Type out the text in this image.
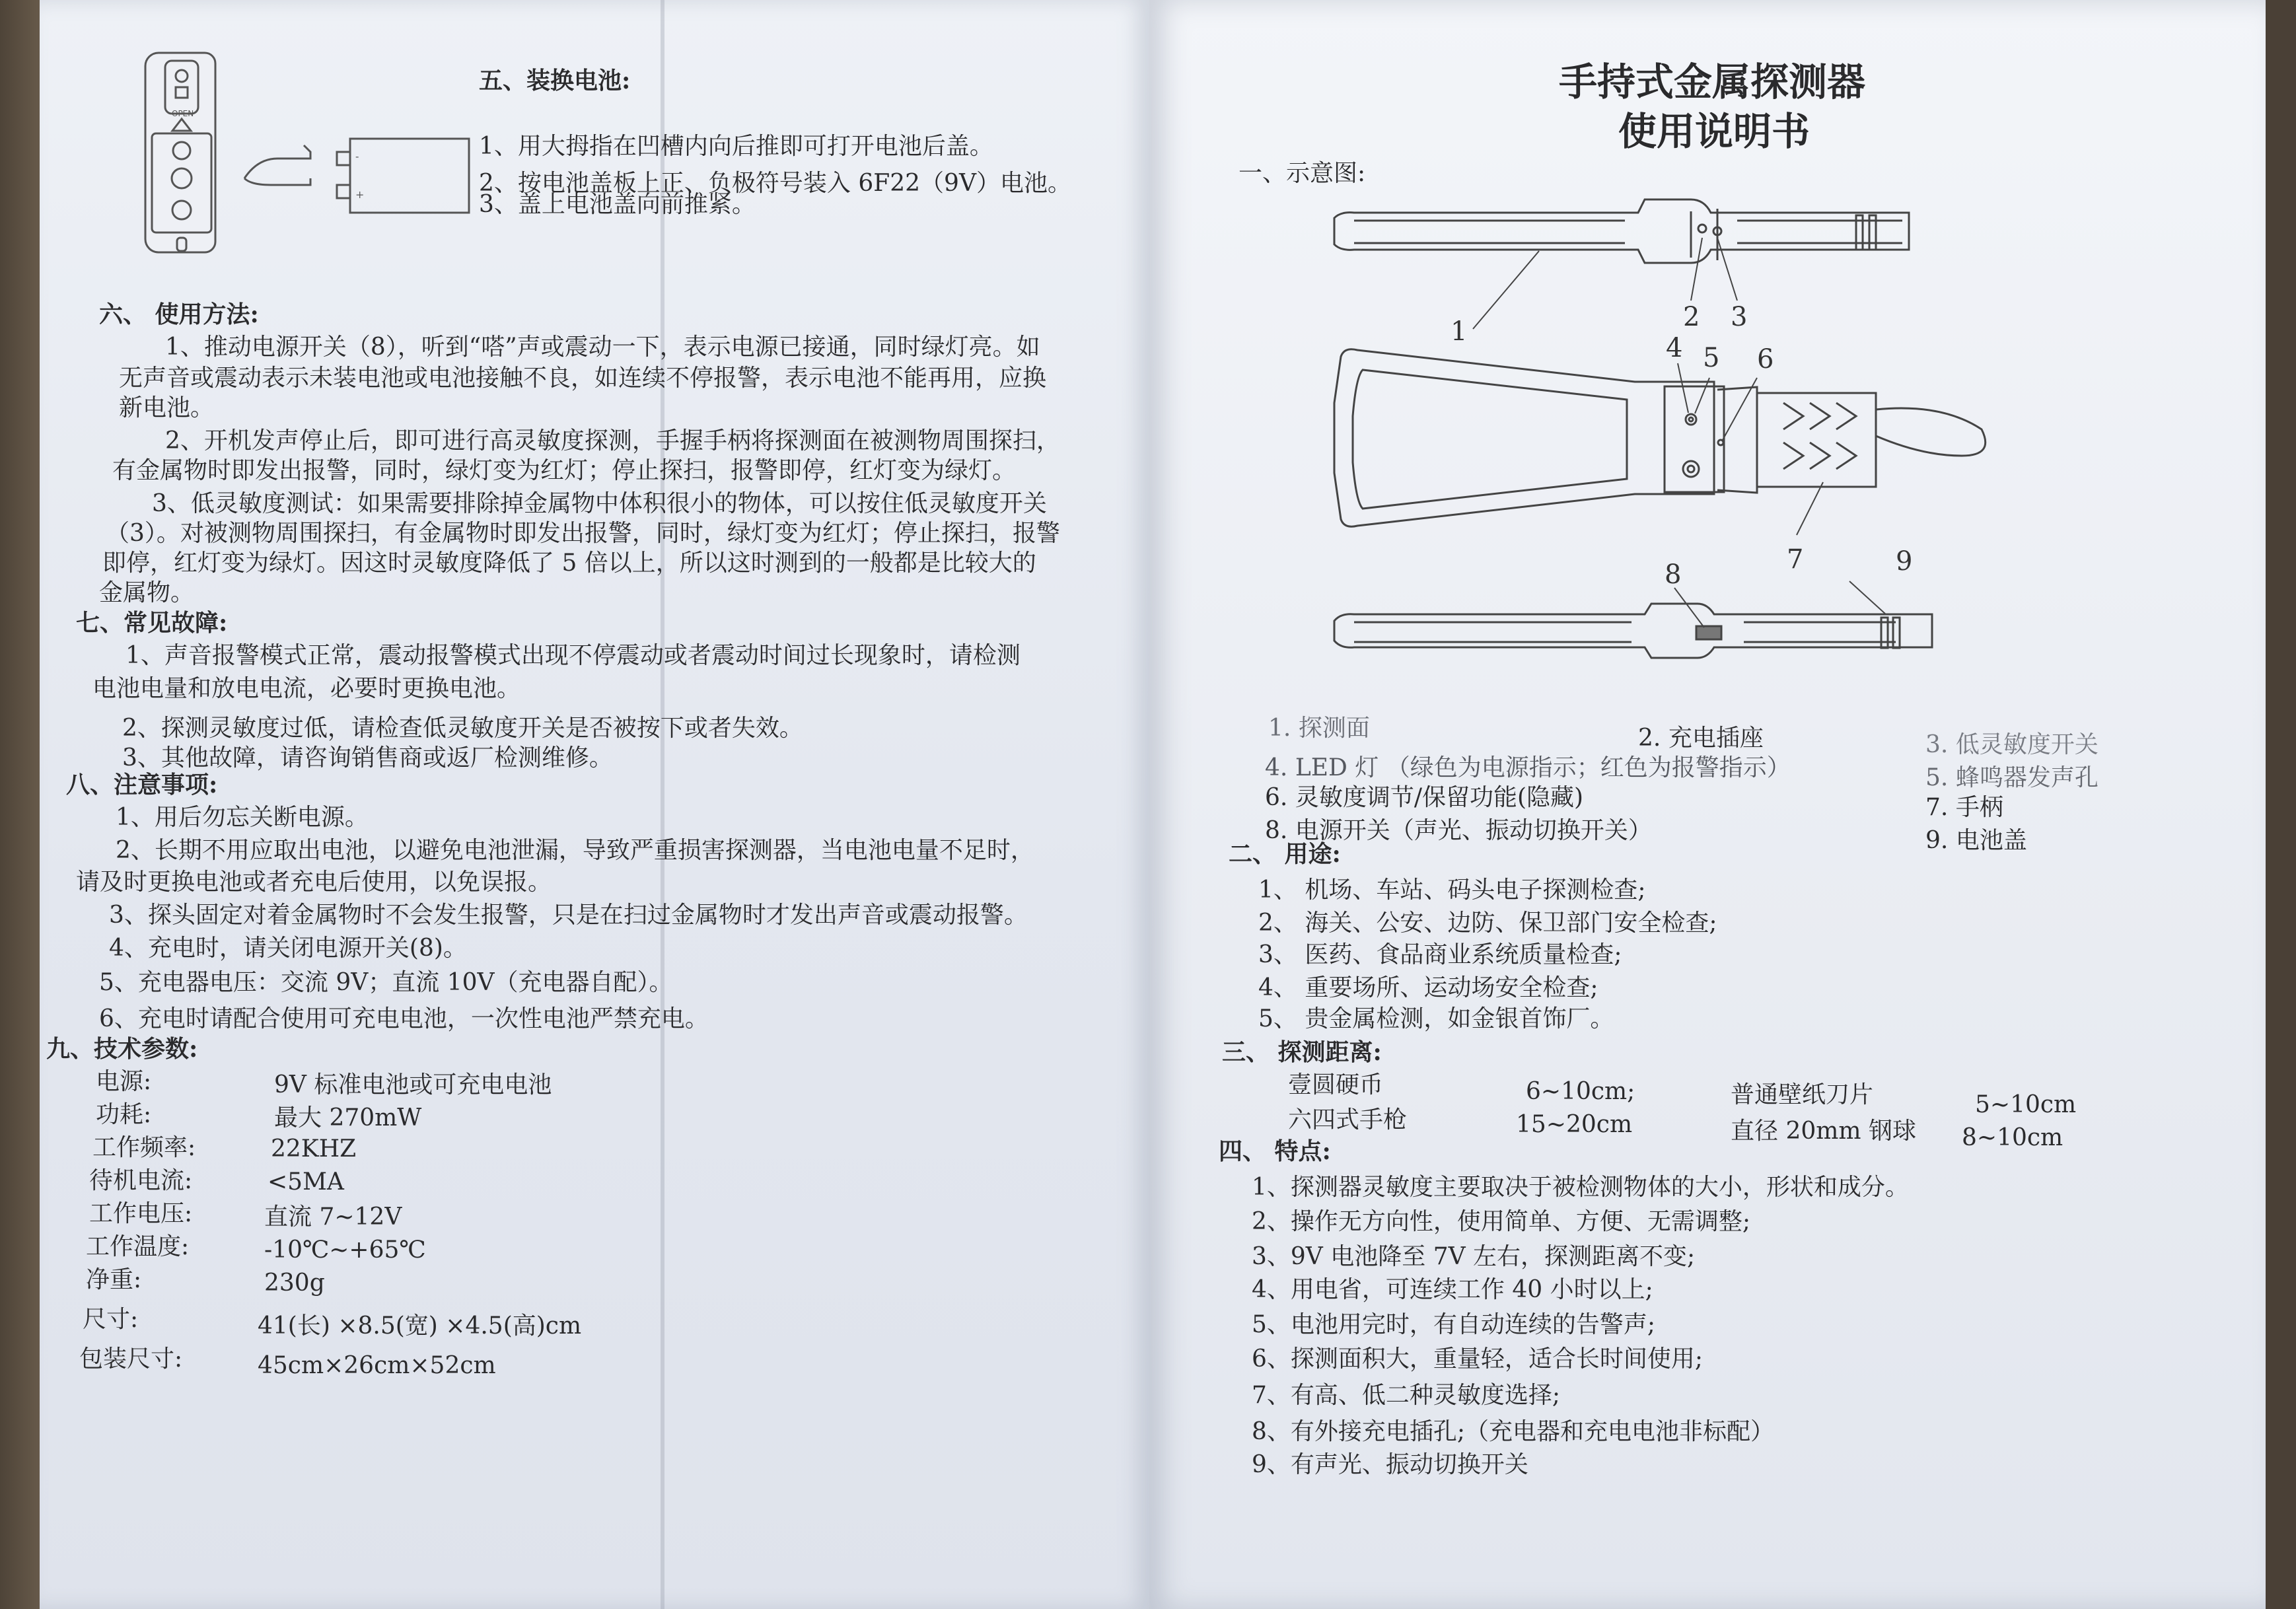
OPEN
-
+
五、装换电池:
1、用大拇指在凹槽内向后推即可打开电池后盖。
2、按电池盖板上正、负极符号装入 6F22（9V）电池。
3、盖上电池盖向前推紧。
六、 使用方法:
1、推动电源开关（8），听到“嗒”声或震动一下，表示电源已接通，同时绿灯亮。如
无声音或震动表示未装电池或电池接触不良，如连续不停报警，表示电池不能再用，应换
新电池。
2、开机发声停止后，即可进行高灵敏度探测，手握手柄将探测面在被测物周围探扫，
有金属物时即发出报警，同时，绿灯变为红灯；停止探扫，报警即停，红灯变为绿灯。
3、低灵敏度测试：如果需要排除掉金属物中体积很小的物体，可以按住低灵敏度开关
（3）。对被测物周围探扫，有金属物时即发出报警，同时，绿灯变为红灯；停止探扫，报警
即停，红灯变为绿灯。因这时灵敏度降低了 5 倍以上，所以这时测到的一般都是比较大的
金属物。
七、常见故障:
1、声音报警模式正常，震动报警模式出现不停震动或者震动时间过长现象时，请检测
电池电量和放电电流，必要时更换电池。
2、探测灵敏度过低，请检查低灵敏度开关是否被按下或者失效。
3、其他故障，请咨询销售商或返厂检测维修。
八、注意事项:
1、用后勿忘关断电源。
2、长期不用应取出电池，以避免电池泄漏，导致严重损害探测器，当电池电量不足时，
请及时更换电池或者充电后使用，以免误报。
3、探头固定对着金属物时不会发生报警，只是在扫过金属物时才发出声音或震动报警。
4、充电时，请关闭电源开关(8)。
5、充电器电压：交流 9V；直流 10V（充电器自配）。
6、充电时请配合使用可充电电池，一次性电池严禁充电。
九、技术参数:
电源:	9V 标准电池或可充电电池
功耗:	最大 270mW
工作频率:	22KHZ
待机电流:	<5MA
工作电压:	直流 7~12V
工作温度:	-10℃~+65℃
净重:	230g
尺寸:	41(长) ×8.5(宽) ×4.5(高)cm
包装尺寸:	45cm×26cm×52cm
手持式金属探测器
使用说明书
一、示意图:
1	2 3
4 5 6
7
8	9
1. 探测面	2. 充电插座	3. 低灵敏度开关
4. LED 灯 （绿色为电源指示；红色为报警指示）	5. 蜂鸣器发声孔
6. 灵敏度调节/保留功能(隐藏)	7. 手柄
8. 电源开关（声光、振动切换开关）	9. 电池盖
二、 用途:
1、 机场、车站、码头电子探测检查;
2、 海关、公安、边防、保卫部门安全检查;
3、 医药、食品商业系统质量检查;
4、 重要场所、运动场安全检查;
5、 贵金属检测，如金银首饰厂。
三、 探测距离:
壹圆硬币	6~10cm;	普通壁纸刀片	5~10cm
六四式手枪	15~20cm	直径 20mm 钢球 8~10cm
四、 特点:
1、探测器灵敏度主要取决于被检测物体的大小，形状和成分。
2、操作无方向性，使用简单、方便、无需调整;
3、9V 电池降至 7V 左右，探测距离不变;
4、用电省，可连续工作 40 小时以上;
5、电池用完时，有自动连续的告警声;
6、探测面积大，重量轻，适合长时间使用;
7、有高、低二种灵敏度选择;
8、有外接充电插孔;（充电器和充电电池非标配）
9、有声光、振动切换开关
